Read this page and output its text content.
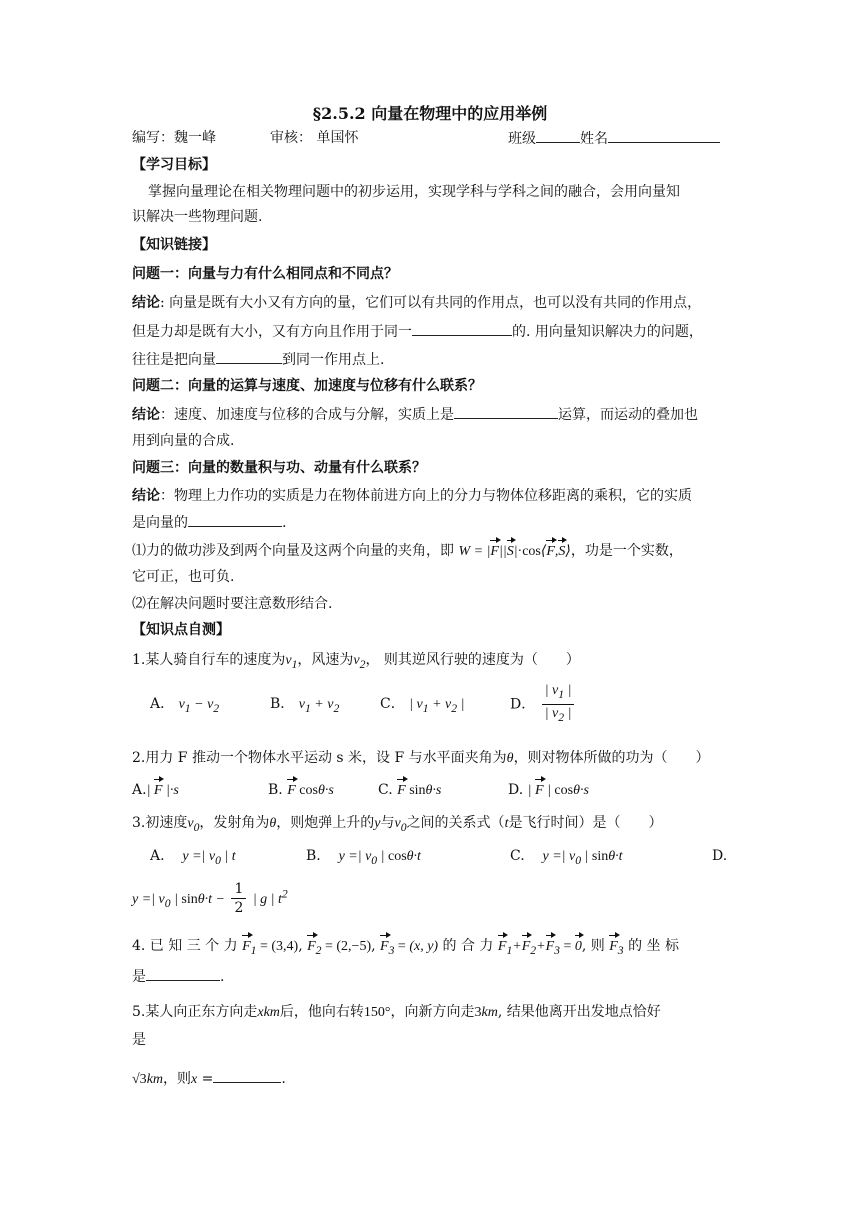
§2.5.2 向量在物理中的应用举例
编写：魏一峰	审核： 单国怀	班级	姓名
【学习目标】
掌握向量理论在相关物理问题中的初步运用，实现学科与学科之间的融合，会用向量知
识解决一些物理问题.
【知识链接】
问题一：向量与力有什么相同点和不同点？
结论: 向量是既有大小又有方向的量，它们可以有共同的作用点，也可以没有共同的作用点，
但是力却是既有大小，又有方向且作用于同一	的. 用向量知识解决力的问题，
往往是把向量	到同一作用点上.
问题二：向量的运算与速度、加速度与位移有什么联系？
结论：速度、加速度与位移的合成与分解，实质上是	运算，而运动的叠加也
用到向量的合成.
问题三：向量的数量积与功、动量有什么联系？
结论：物理上力作功的实质是力在物体前进方向上的分力与物体位移距离的乘积，它的实质
是向量的	.
⑴力的做功涉及到两个向量及这两个向量的夹角，即 W = |F||S|·cos⟨F,S⟩，功是一个实数，
它可正，也可负.
⑵在解决问题时要注意数形结合.
【知识点自测】
1.某人骑自行车的速度为$v_1$，风速为$v_2$， 则其逆风行驶的速度为（　　）
A． $v_1 - v_2$	B． $v_1 + v_2$	C． | $v_1 + v_2$ |	D． $\frac{| v_1 |}{| v_2 |}$
2.用力 F 推动一个物体水平运动 s 米，设 F 与水平面夹角为θ，则对物体所做的功为（　　）
A.| F |·s	B. F cosθ·s	C. F sinθ·s	D. | F | cosθ·s
3.初速度$v_0$，发射角为θ，则炮弹上升的y与$v_0$之间的关系式（t是飞行时间）是（　　）
A. y =| $v_0$ | t	B. y =| $v_0$ | cosθ·t	C. y =| $v_0$ | sinθ·t	D.
y =| $v_0$ | $\sin\theta\cdot t - \frac{1}{2}$ | g | $t^2$
4. 已 知 三 个 力 $F_1 = (3,4)$, $F_2 = (2,-5)$, $F_3 = (x$, y) 的 合 力 $F_1+F_2+F_3 = 0$, 则 $F_3$ 的 坐 标
是	.
5.某人向正东方向走xkm后，他向右转150°，向新方向走3km, 结果他离开出发地点恰好
是
√3km，则x =	.
